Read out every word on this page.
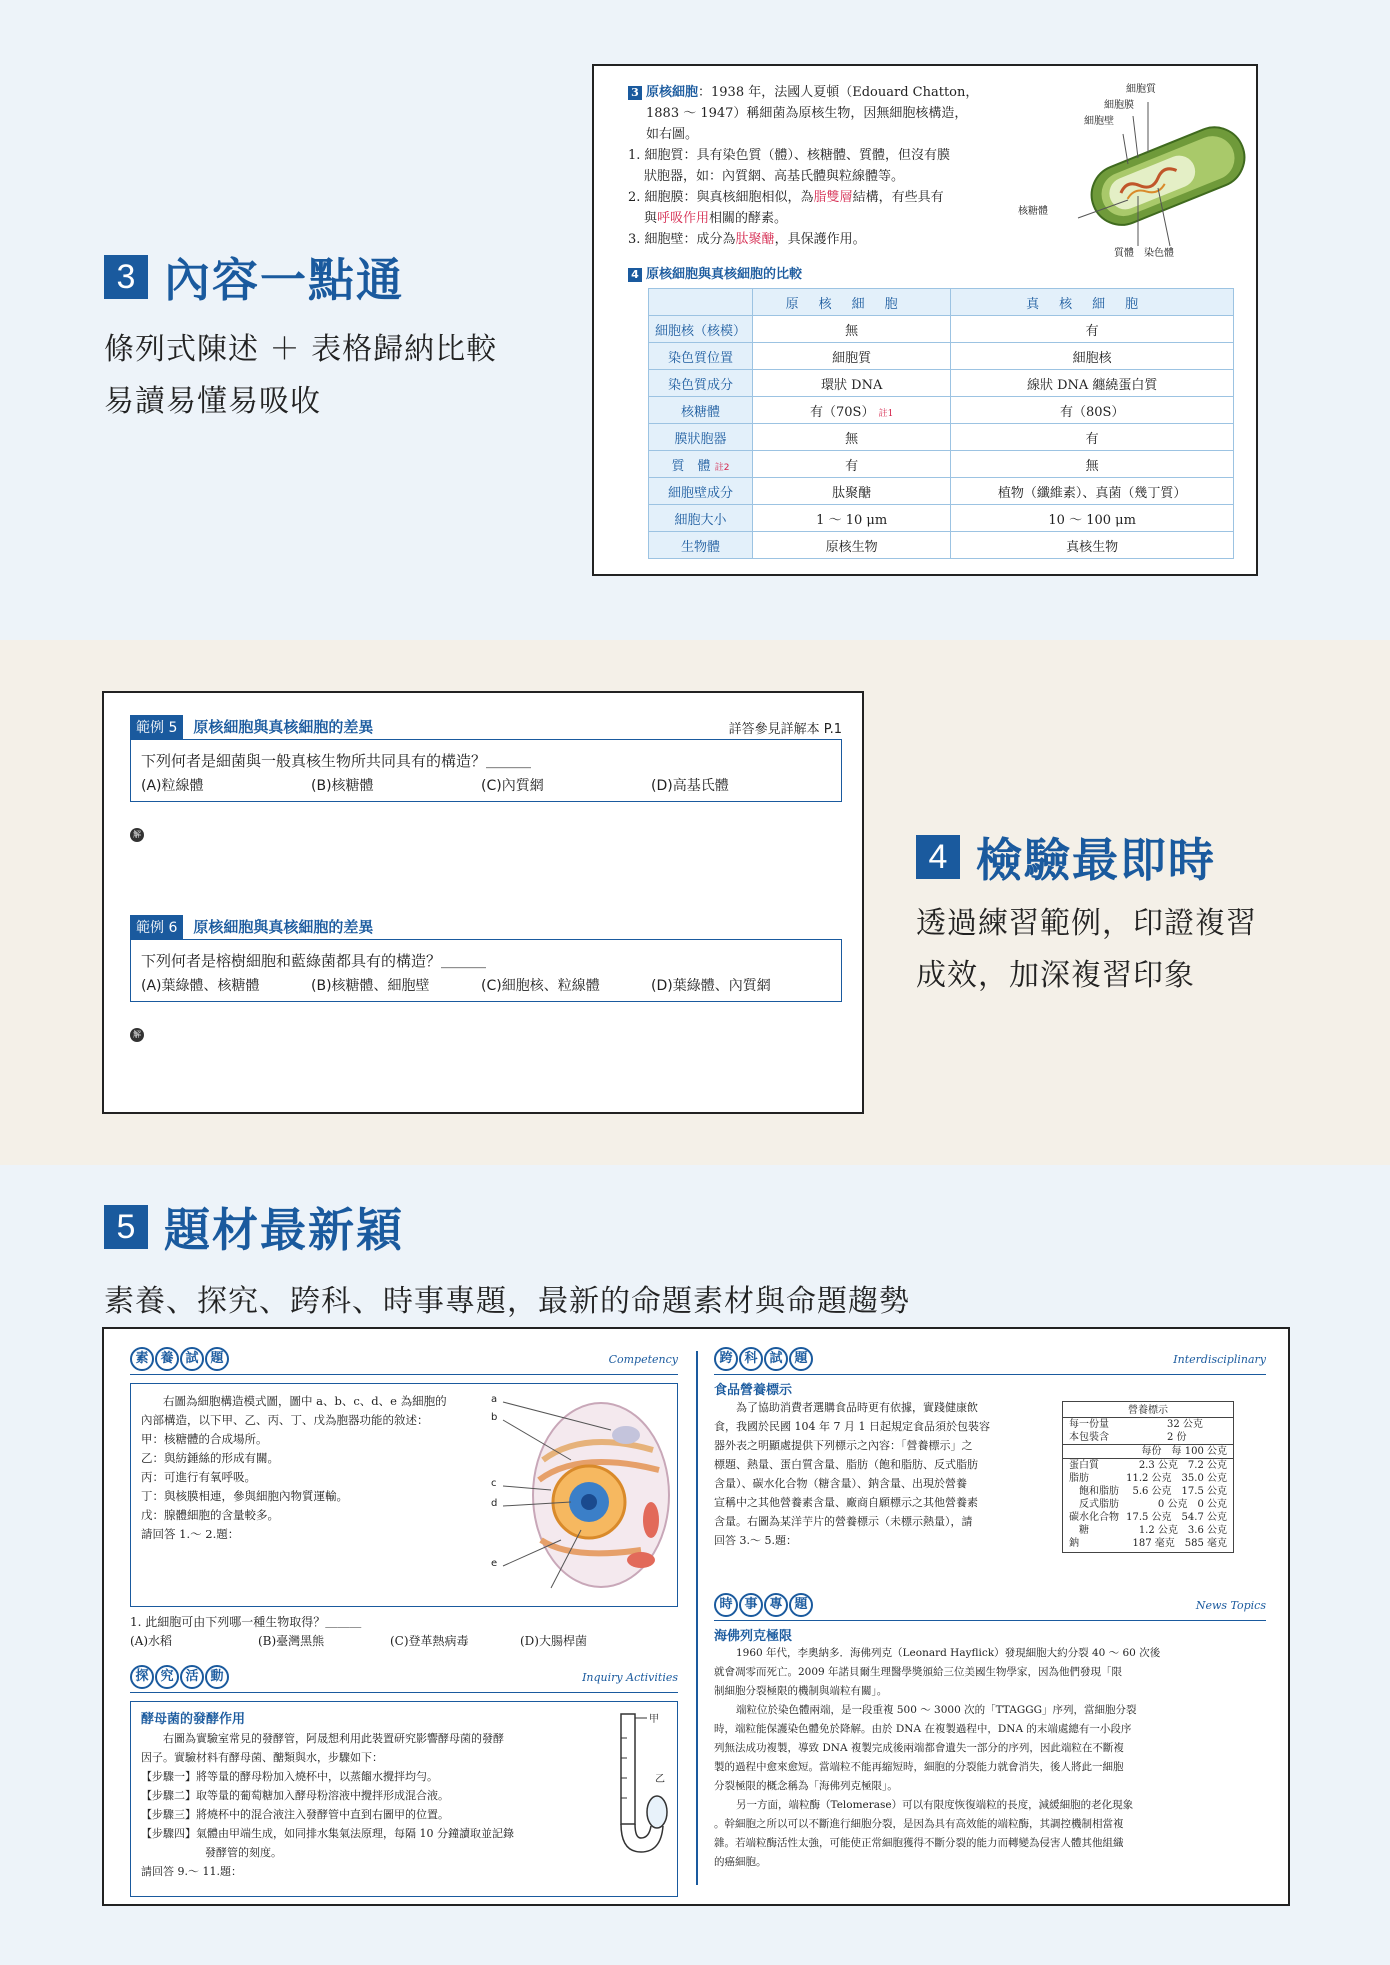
3 內容一點通
條列式陳述 ＋ 表格歸納比較
易讀易懂易吸收
3 原核細胞：1938 年，法國人夏頓（Edouard Chatton，
1883 ～ 1947）稱細菌為原核生物，因無細胞核構造，
如右圖。
1. 細胞質：具有染色質（體）、核糖體、質體，但沒有膜
狀胞器，如：內質網、高基氏體與粒線體等。
2. 細胞膜：與真核細胞相似，為脂雙層結構，有些具有
與呼吸作用相關的酵素。
3. 細胞壁：成分為肽聚醣，具保護作用。
細胞質
細胞膜
細胞壁
核糖體
質體 染色體
4 原核細胞與真核細胞的比較
	原核細胞	真核細胞
細胞核（核模）	無	有
染色質位置	細胞質	細胞核
染色質成分	環狀 DNA	線狀 DNA 纏繞蛋白質
核糖體	有（70S） 註1	有（80S）
膜狀胞器	無	有
質　體 註2	有	無
細胞壁成分	肽聚醣	植物（纖維素）、真菌（幾丁質）
細胞大小	1 ～ 10 μm	10 ～ 100 μm
生物體	原核生物	真核生物
範例 5 原核細胞與真核細胞的差異	詳答參見詳解本 P.1
下列何者是細菌與一般真核生物所共同具有的構造？＿＿＿
(A)粒線體	(B)核糖體	(C)內質網	(D)高基氏體
解
範例 6 原核細胞與真核細胞的差異
下列何者是榕樹細胞和藍綠菌都具有的構造？＿＿＿
(A)葉綠體、核糖體	(B)核糖體、細胞壁	(C)細胞核、粒線體	(D)葉綠體、內質網
解
4 檢驗最即時
透過練習範例，印證複習
成效，加深複習印象
5 題材最新穎
素養、探究、跨科、時事專題，最新的命題素材與命題趨勢
素 養 試 題	Competency
右圖為細胞構造模式圖，圖中 a、b、c、d、e 為細胞的
內部構造，以下甲、乙、丙、丁、戊為胞器功能的敘述：
甲：核糖體的合成場所。
乙：與紡錘絲的形成有關。
丙：可進行有氧呼吸。
丁：與核膜相連，參與細胞內物質運輸。
戊：腺體細胞的含量較多。
請回答 1.～ 2.題：
a
b
c
d
e
1. 此細胞可由下列哪一種生物取得？＿＿＿
(A)水稻	(B)臺灣黑熊	(C)登革熱病毒	(D)大腸桿菌
探 究 活 動	Inquiry Activities
酵母菌的發酵作用
右圖為實驗室常見的發酵管，阿晟想利用此裝置研究影響酵母菌的發酵
因子。實驗材料有酵母菌、醣類與水，步驟如下：
【步驟一】將等量的酵母粉加入燒杯中，以蒸餾水攪拌均勻。
【步驟二】取等量的葡萄糖加入酵母粉溶液中攪拌形成混合液。
【步驟三】將燒杯中的混合液注入發酵管中直到右圖甲的位置。
【步驟四】氣體由甲端生成，如同排水集氣法原理，每隔 10 分鐘讀取並記錄
發酵管的刻度。
請回答 9.～ 11.題：
甲
乙
跨 科 試 題	Interdisciplinary
食品營養標示
為了協助消費者選購食品時更有依據，實踐健康飲
食，我國於民國 104 年 7 月 1 日起規定食品須於包裝容
器外表之明顯處提供下列標示之內容：「營養標示」之
標題、熱量、蛋白質含量、脂肪（飽和脂肪、反式脂肪
含量）、碳水化合物（糖含量）、鈉含量、出現於營養
宣稱中之其他營養素含量、廠商自願標示之其他營養素
含量。右圖為某洋芋片的營養標示（未標示熱量），請
回答 3.～ 5.題：
營養標示
每一份量	32 公克
本包裝含	2 份
每份　 每 100 公克
蛋白質	2.3 公克　 7.2 公克
脂肪	11.2 公克　 35.0 公克
飽和脂肪 5.6 公克　 17.5 公克
反式脂肪	0 公克　 0 公克
碳水化合物 17.5 公克　 54.7 公克
糖	1.2 公克　 3.6 公克
鈉	187 毫克　 585 毫克
時 事 專 題	News Topics
海佛列克極限
1960 年代，李奧納多．海佛列克（Leonard Hayflick）發現細胞大約分裂 40 ～ 60 次後
就會凋零而死亡。2009 年諾貝爾生理醫學獎頒給三位美國生物學家，因為他們發現「限
制細胞分裂極限的機制與端粒有關」。
端粒位於染色體兩端，是一段重複 500 ～ 3000 次的「TTAGGG」序列，當細胞分裂
時，端粒能保護染色體免於降解。由於 DNA 在複製過程中，DNA 的末端處總有一小段序
列無法成功複製，導致 DNA 複製完成後兩端都會遺失一部分的序列，因此端粒在不斷複
製的過程中愈來愈短。當端粒不能再縮短時，細胞的分裂能力就會消失，後人將此一細胞
分裂極限的概念稱為「海佛列克極限」。
另一方面，端粒酶（Telomerase）可以有限度恢復端粒的長度，減緩細胞的老化現象
。幹細胞之所以可以不斷進行細胞分裂，是因為具有高效能的端粒酶，其調控機制相當複
雜。若端粒酶活性太強，可能使正常細胞獲得不斷分裂的能力而轉變為侵害人體其他組織
的癌細胞。
